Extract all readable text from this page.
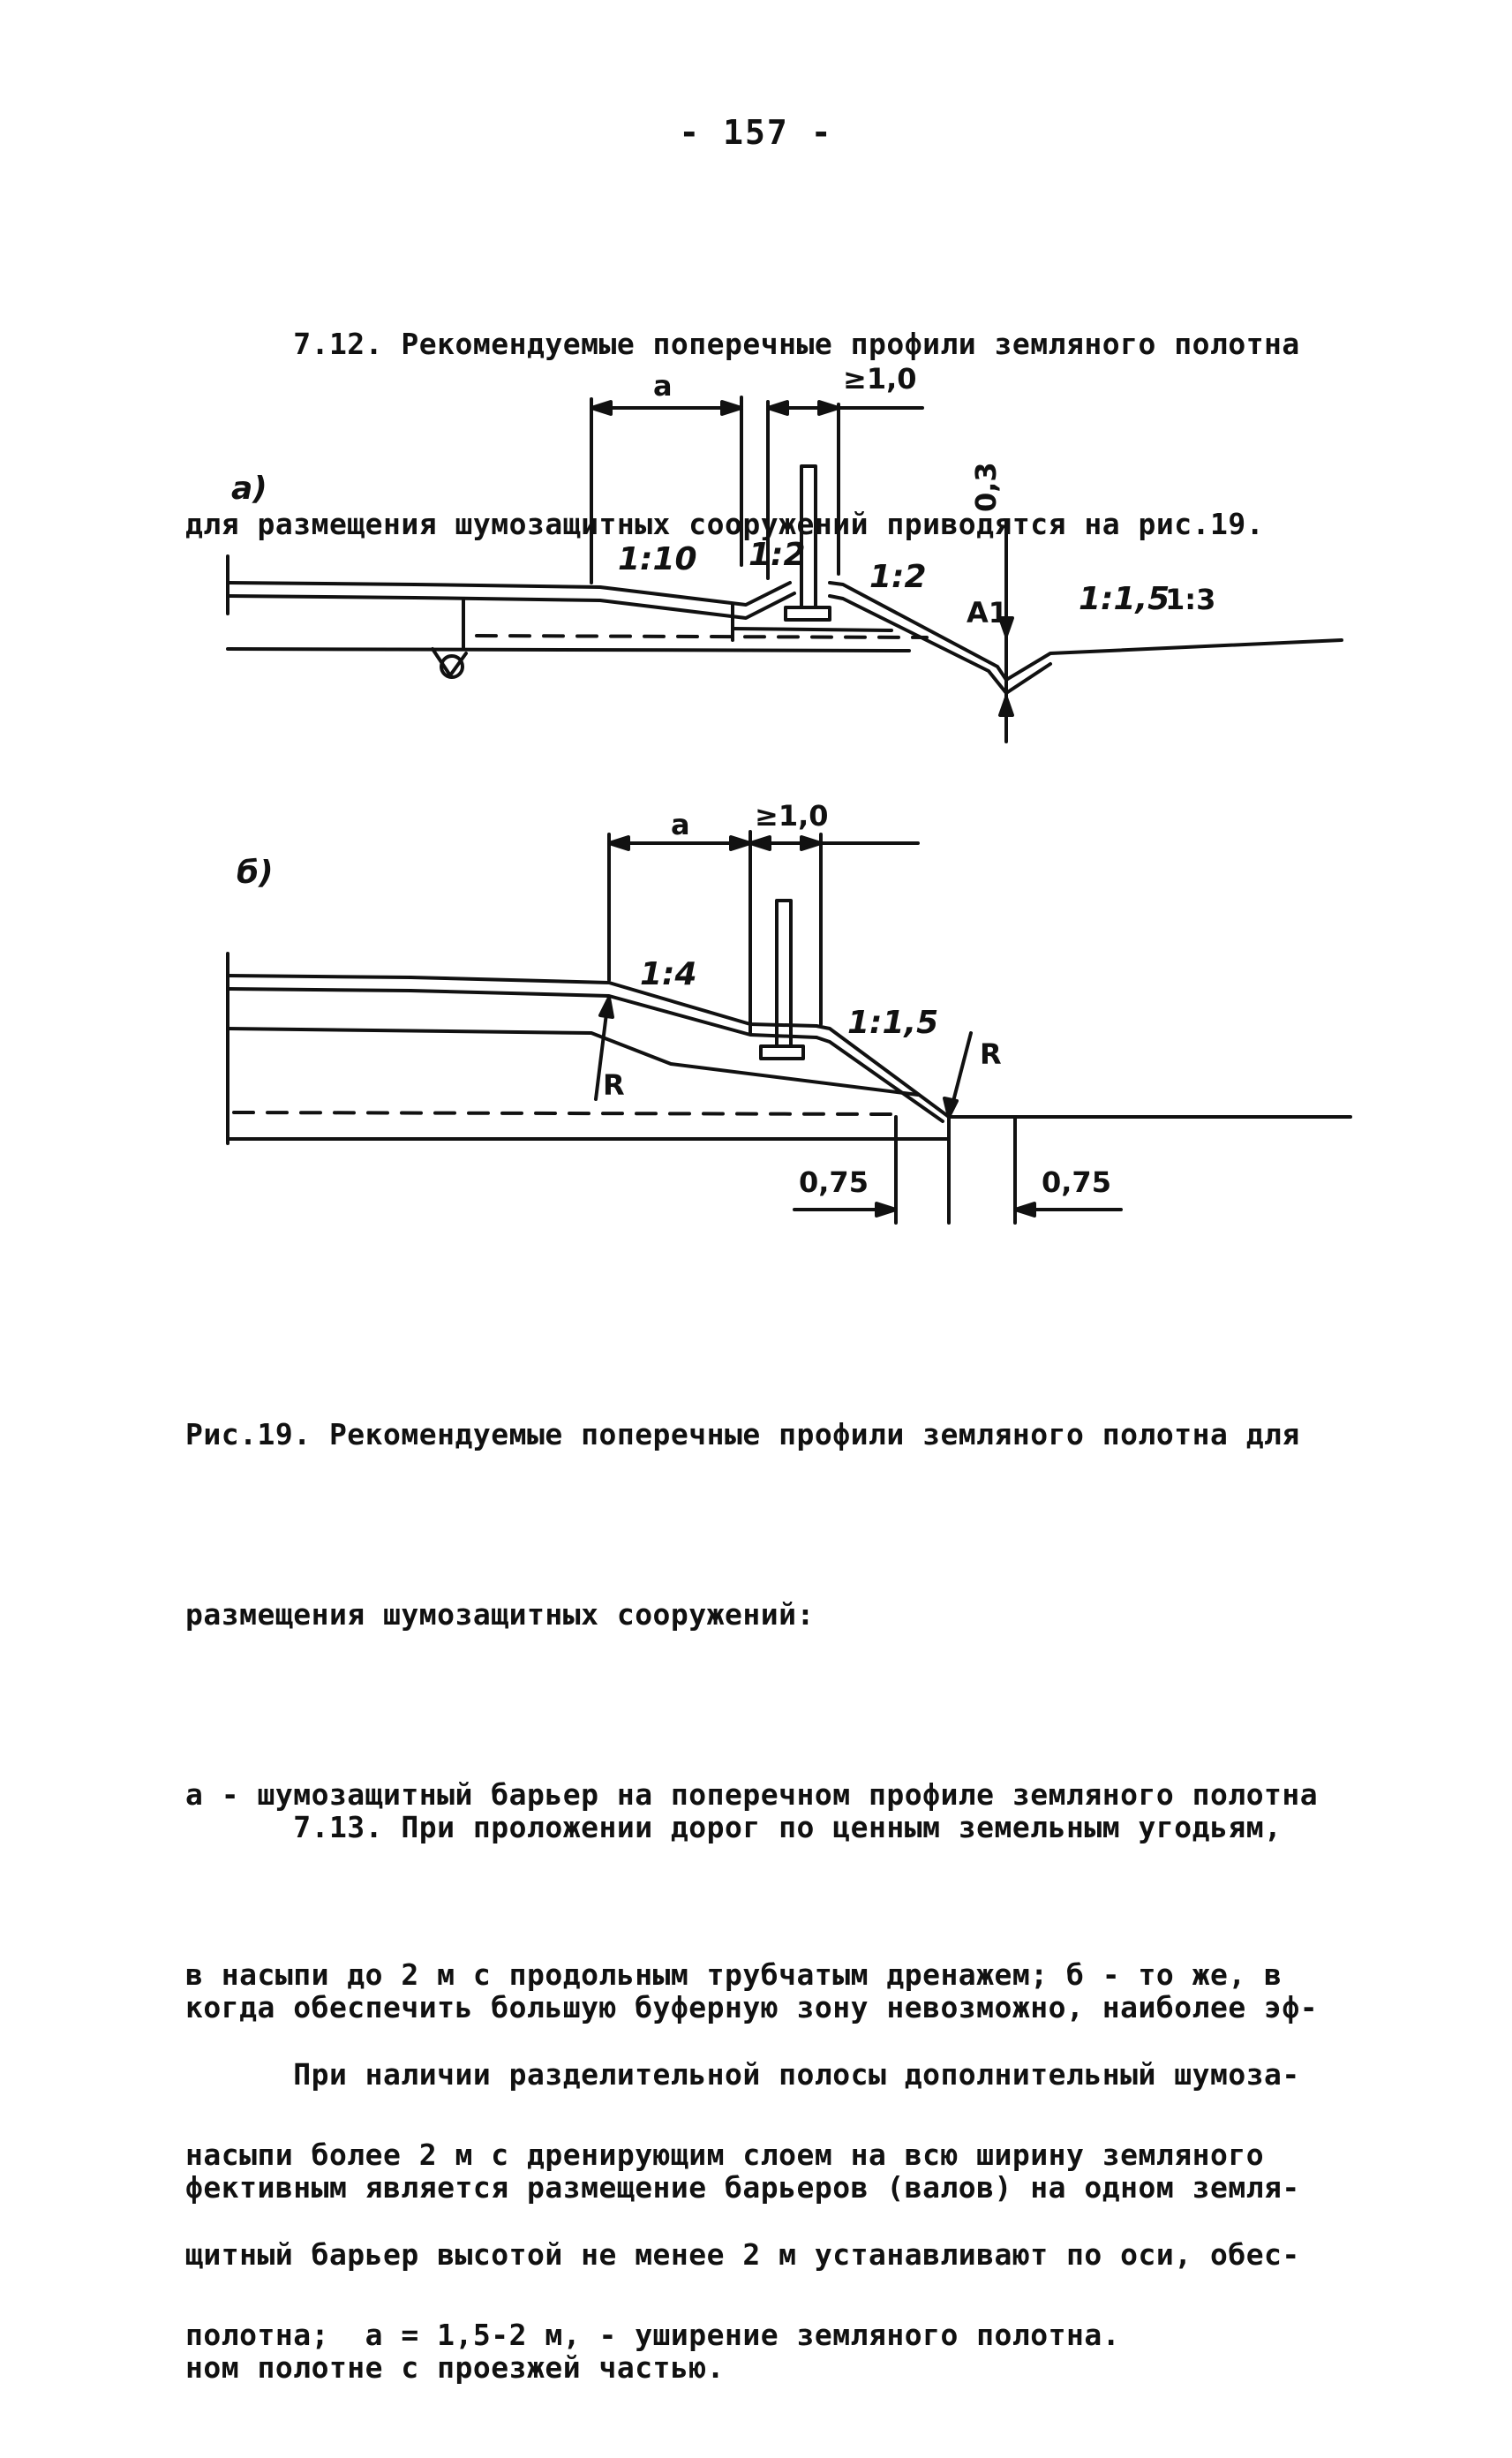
- 157 -

7.12. Рекомендуемые поперечные профили земляного полотна

для размещения шумозащитных сооружений приводятся на рис.19.

а)
a	≥1,0
1:10 1:2
1:2
0,3
А1 1:1,5
1:3
б)
a ≥1,0
1:4
1:1,5
R
R
0,75	0,75

Рис.19. Рекомендуемые поперечные профили земляного полотна для

размещения шумозащитных сооружений:

а - шумозащитный барьер на поперечном профиле земляного полотна

в насыпи до 2 м с продольным трубчатым дренажем; б - то же, в

насыпи более 2 м с дренирующим слоем на всю ширину земляного

полотна;  а = 1,5-2 м, - уширение земляного полотна.

7.13. При проложении дорог по ценным земельным угодьям,

когда обеспечить большую буферную зону невозможно, наиболее эф-

фективным является размещение барьеров (валов) на одном земля-

ном полотне с проезжей частью.

При наличии разделительной полосы дополнительный шумоза-

щитный барьер высотой не менее 2 м устанавливают по оси, обес-
